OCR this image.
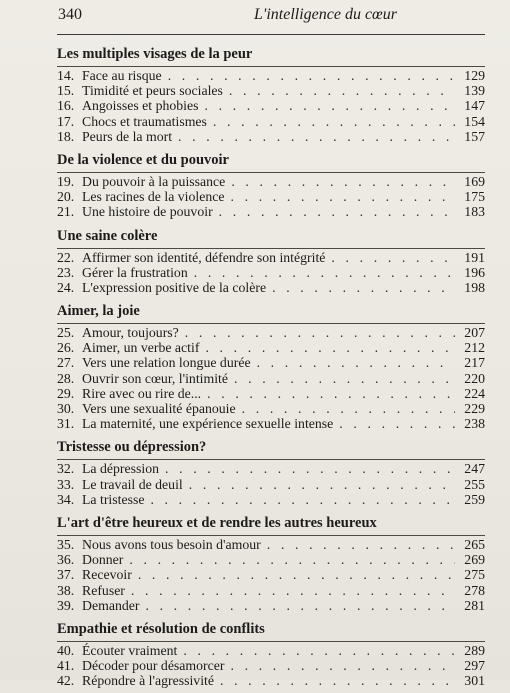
340	L'intelligence du cœur
Les multiples visages de la peur
14. Face au risque . . .	129
15. Timidité et peurs sociales . . .	139
16. Angoisses et phobies . . .	147
17. Chocs et traumatismes . . .	154
18. Peurs de la mort . . .	157
De la violence et du pouvoir
19. Du pouvoir à la puissance . . .	169
20. Les racines de la violence . . .	175
21. Une histoire de pouvoir . . .	183
Une saine colère
22. Affirmer son identité, défendre son intégrité . . .	191
23. Gérer la frustration . . .	196
24. L'expression positive de la colère . . .	198
Aimer, la joie
25. Amour, toujours? . . .	207
26. Aimer, un verbe actif . . .	212
27. Vers une relation longue durée . . .	217
28. Ouvrir son cœur, l'intimité . . .	220
29. Rire avec ou rire de... . . .	224
30. Vers une sexualité épanouie . . .	229
31. La maternité, une expérience sexuelle intense . . .	238
Tristesse ou dépression?
32. La dépression . . .	247
33. Le travail de deuil . . .	255
34. La tristesse . . .	259
L'art d'être heureux et de rendre les autres heureux
35. Nous avons tous besoin d'amour . . .	265
36. Donner . . .	269
37. Recevoir . . .	275
38. Refuser . . .	278
39. Demander . . .	281
Empathie et résolution de conflits
40. Écouter vraiment . . .	289
41. Décoder pour désamorcer . . .	297
42. Répondre à l'agressivité . . .	301
